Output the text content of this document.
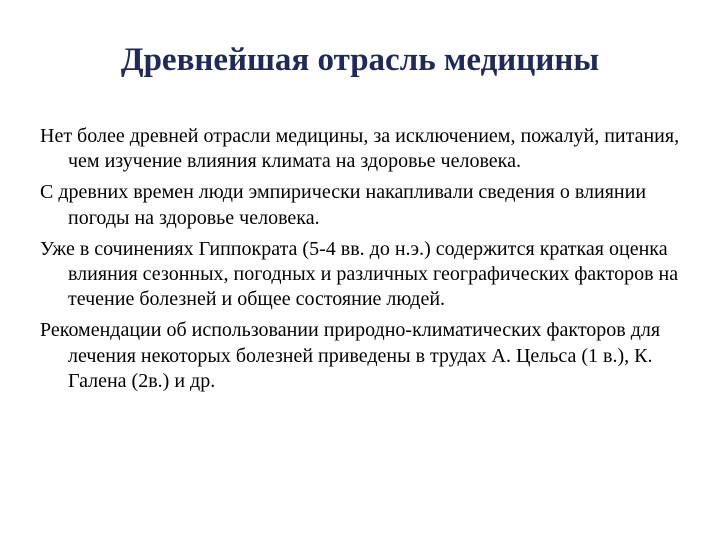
Древнейшая отрасль медицины

Нет более древней отрасли медицины, за исключением, пожалуй, питания, чем изучение влияния климата на здоровье человека.

С древних времен люди эмпирически накапливали сведения о влиянии погоды на здоровье человека.

Уже в сочинениях Гиппократа (5-4 вв. до н.э.) содержится краткая оценка влияния сезонных, погодных и различных географических факторов на течение болезней и общее состояние людей.

Рекомендации об использовании природно-климатических факторов для лечения некоторых болезней приведены в трудах А. Цельса (1 в.), К. Галена (2в.) и др.
